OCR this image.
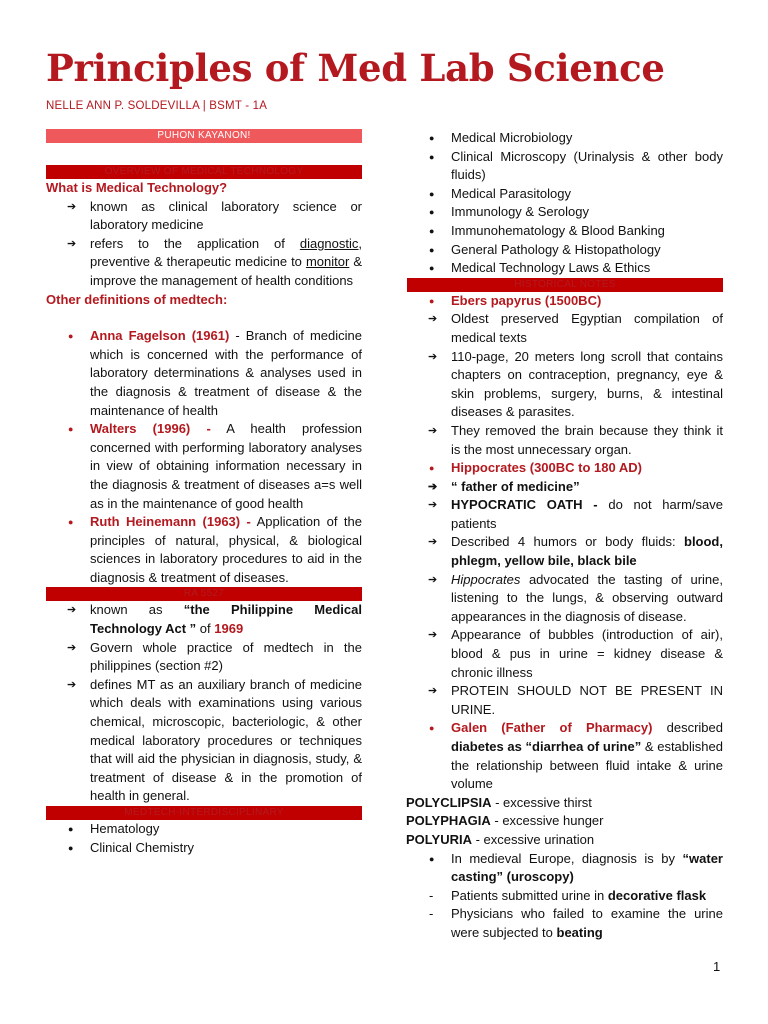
Principles of Med Lab Science
NELLE ANN P. SOLDEVILLA | BSMT - 1A
PUHON KAYANON!
OVERVIEW OF MEDICAL TECHNOLOGY
What is Medical Technology?
➔ known as clinical laboratory science or laboratory medicine
➔ refers to the application of diagnostic, preventive & therapeutic medicine to monitor & improve the management of health conditions
Other definitions of medtech:
● Anna Fagelson (1961) - Branch of medicine which is concerned with the performance of laboratory determinations & analyses used in the diagnosis & treatment of disease & the maintenance of health
● Walters (1996) - A health profession concerned with performing laboratory analyses in view of obtaining information necessary in the diagnosis & treatment of diseases a=s well as in the maintenance of good health
● Ruth Heinemann (1963) - Application of the principles of natural, physical, & biological sciences in laboratory procedures to aid in the diagnosis & treatment of diseases.
RA 5527
➔ known as “the Philippine Medical Technology Act ” of 1969
➔ Govern whole practice of medtech in the philippines (section #2)
➔ defines MT as an auxiliary branch of medicine which deals with examinations using various chemical, microscopic, bacteriologic, & other medical laboratory procedures or techniques that will aid the physician in diagnosis, study, & treatment of disease & in the promotion of health in general.
MEDTECH-INTERDISCIPLINARY
● Hematology
● Clinical Chemistry
● Medical Microbiology
● Clinical Microscopy (Urinalysis & other body fluids)
● Medical Parasitology
● Immunology & Serology
● Immunohematology & Blood Banking
● General Pathology & Histopathology
● Medical Technology Laws & Ethics
HISTORICAL NOTES
● Ebers papyrus (1500BC)
➔ Oldest preserved Egyptian compilation of medical texts
➔ 110-page, 20 meters long scroll that contains chapters on contraception, pregnancy, eye & skin problems, surgery, burns, & intestinal diseases & parasites.
➔ They removed the brain because they think it is the most unnecessary organ.
● Hippocrates (300BC to 180 AD)
➔ “ father of medicine”
➔ HYPOCRATIC OATH - do not harm/save patients
➔ Described 4 humors or body fluids: blood, phlegm, yellow bile, black bile
➔ Hippocrates advocated the tasting of urine, listening to the lungs, & observing outward appearances in the diagnosis of disease.
➔ Appearance of bubbles (introduction of air), blood & pus in urine = kidney disease & chronic illness
➔ PROTEIN SHOULD NOT BE PRESENT IN URINE.
● Galen (Father of Pharmacy) described diabetes as “diarrhea of urine” & established the relationship between fluid intake & urine volume
POLYCLIPSIA - excessive thirst
POLYPHAGIA - excessive hunger
POLYURIA - excessive urination
● In medieval Europe, diagnosis is by “water casting” (uroscopy)
- Patients submitted urine in decorative flask
- Physicians who failed to examine the urine were subjected to beating
1
